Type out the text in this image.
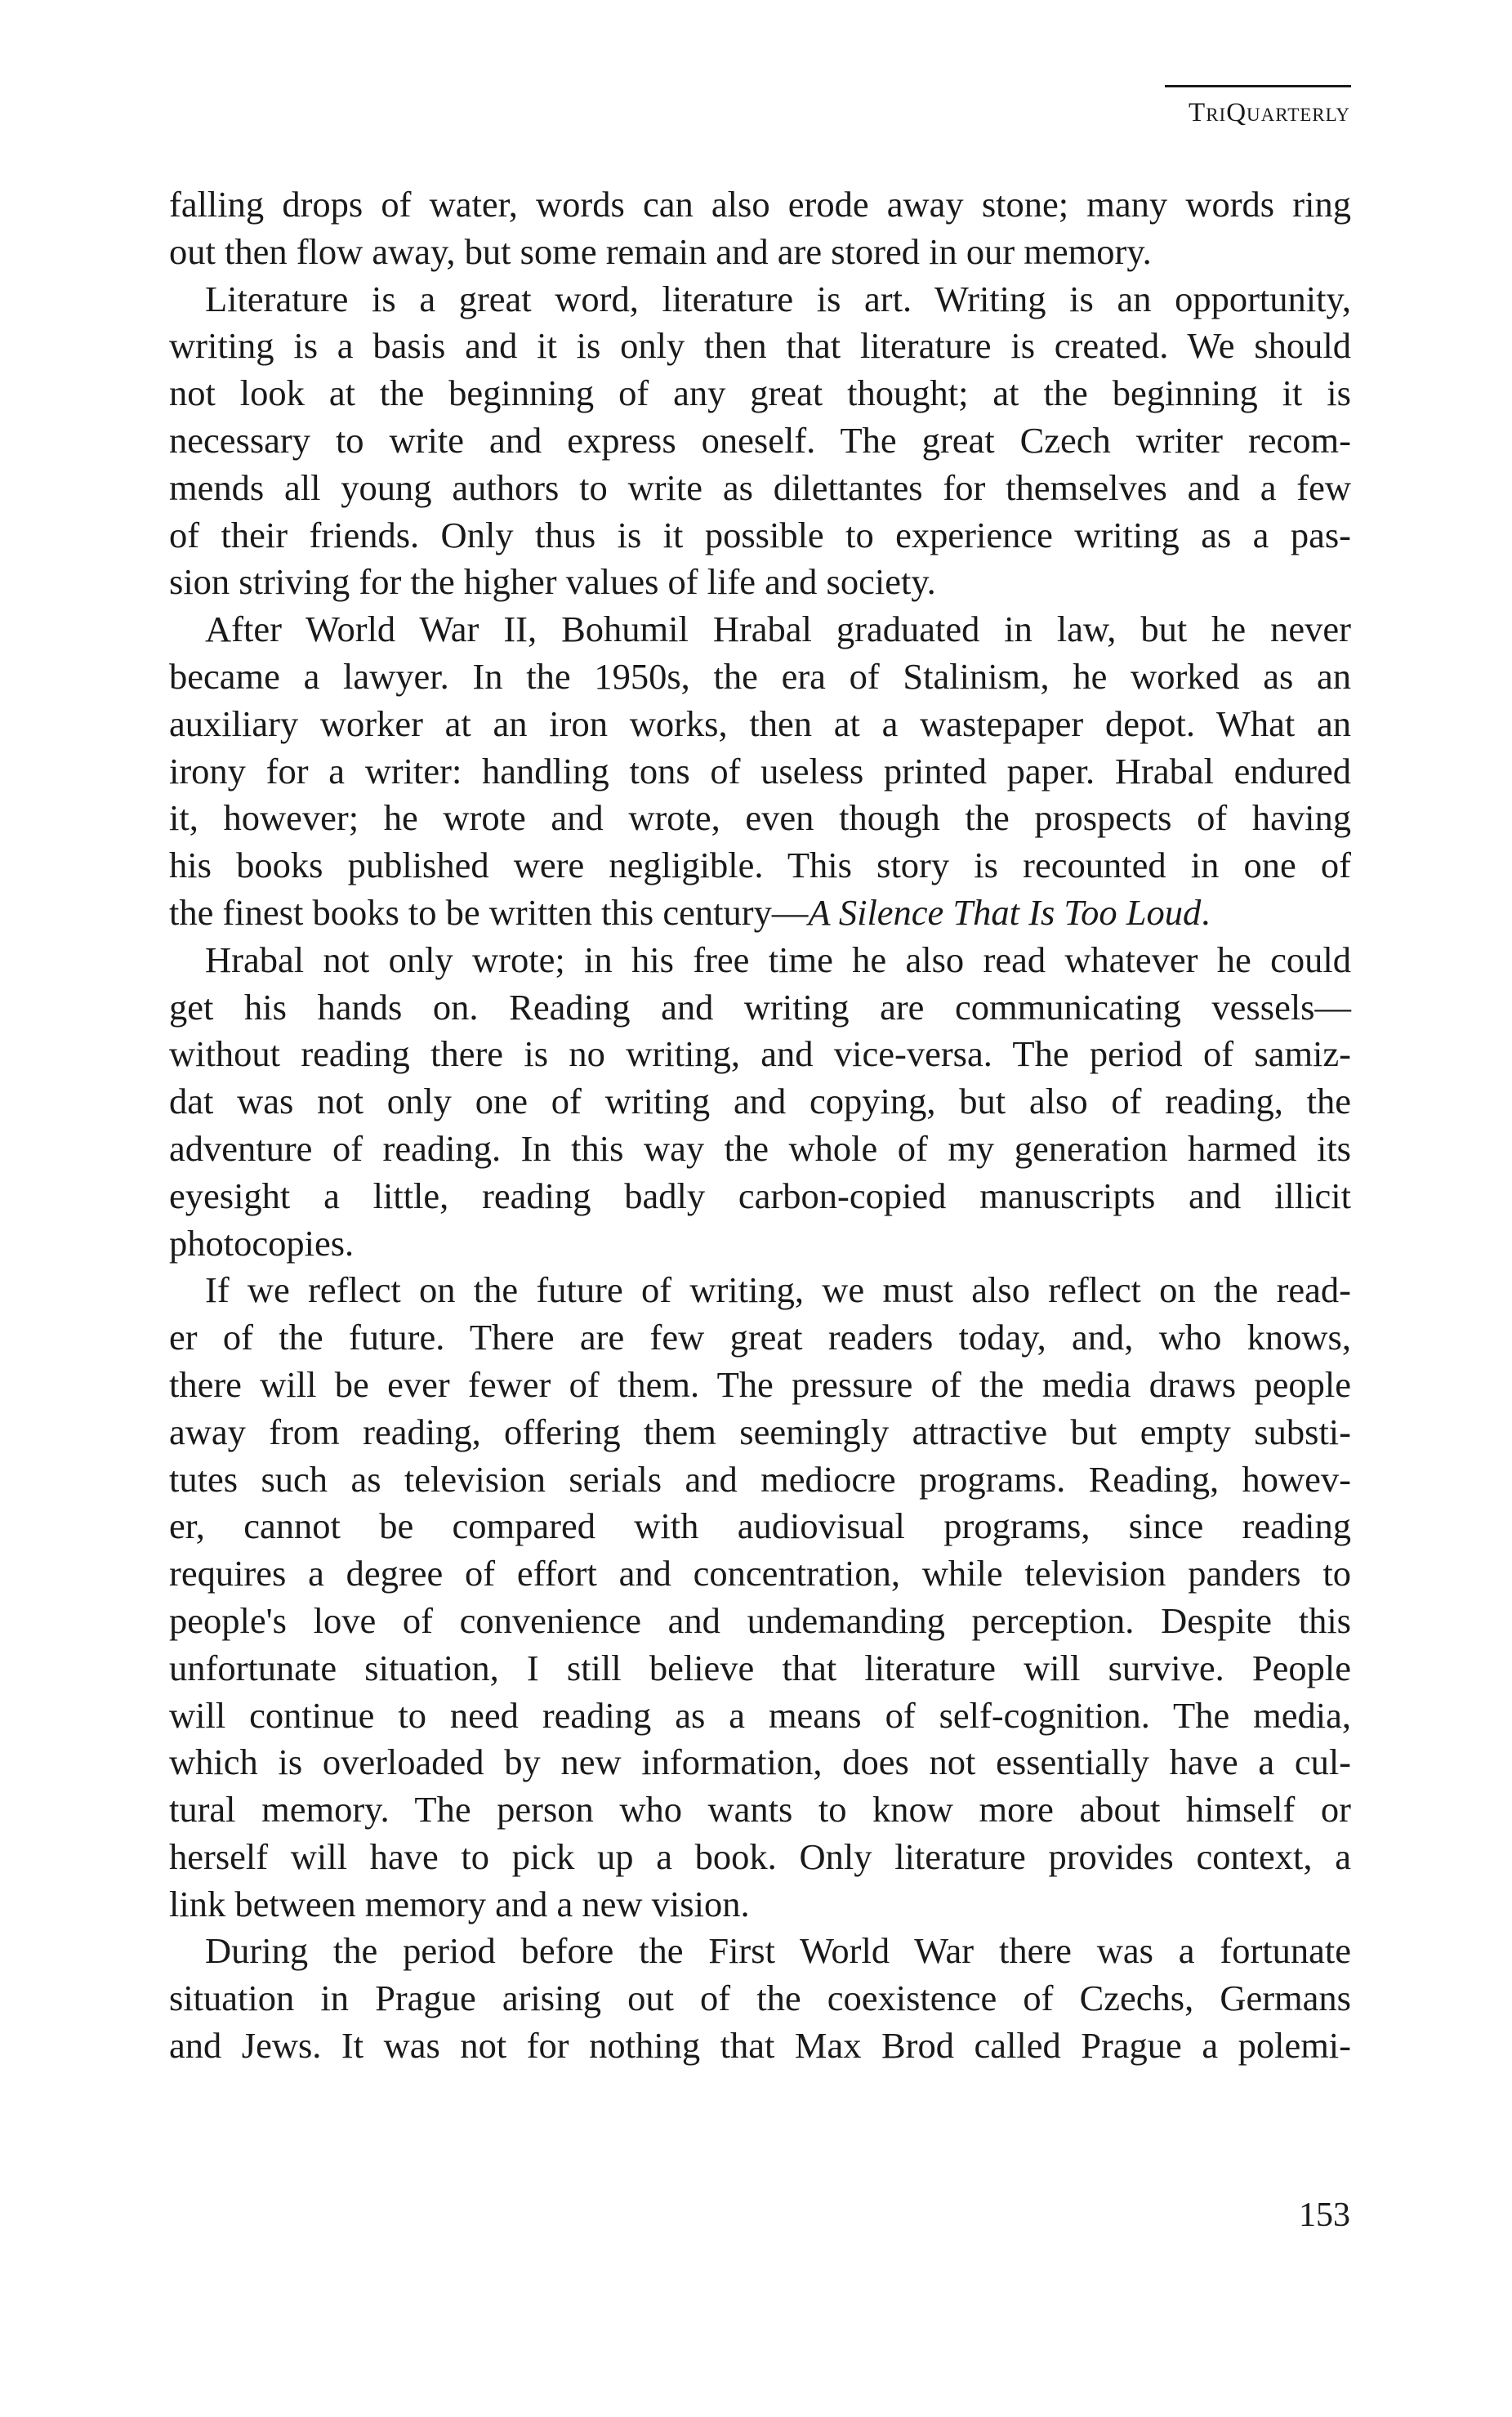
TriQuarterly
falling drops of water, words can also erode away stone; many words ring
out then flow away, but some remain and are stored in our memory.
Literature is a great word, literature is art. Writing is an opportunity,
writing is a basis and it is only then that literature is created. We should
not look at the beginning of any great thought; at the beginning it is
necessary to write and express oneself. The great Czech writer recom-
mends all young authors to write as dilettantes for themselves and a few
of their friends. Only thus is it possible to experience writing as a pas-
sion striving for the higher values of life and society.
After World War II, Bohumil Hrabal graduated in law, but he never
became a lawyer. In the 1950s, the era of Stalinism, he worked as an
auxiliary worker at an iron works, then at a wastepaper depot. What an
irony for a writer: handling tons of useless printed paper. Hrabal endured
it, however; he wrote and wrote, even though the prospects of having
his books published were negligible. This story is recounted in one of
the finest books to be written this century—A Silence That Is Too Loud.
Hrabal not only wrote; in his free time he also read whatever he could
get his hands on. Reading and writing are communicating vessels—
without reading there is no writing, and vice-versa. The period of samiz-
dat was not only one of writing and copying, but also of reading, the
adventure of reading. In this way the whole of my generation harmed its
eyesight a little, reading badly carbon-copied manuscripts and illicit
photocopies.
If we reflect on the future of writing, we must also reflect on the read-
er of the future. There are few great readers today, and, who knows,
there will be ever fewer of them. The pressure of the media draws people
away from reading, offering them seemingly attractive but empty substi-
tutes such as television serials and mediocre programs. Reading, howev-
er, cannot be compared with audiovisual programs, since reading
requires a degree of effort and concentration, while television panders to
people's love of convenience and undemanding perception. Despite this
unfortunate situation, I still believe that literature will survive. People
will continue to need reading as a means of self-cognition. The media,
which is overloaded by new information, does not essentially have a cul-
tural memory. The person who wants to know more about himself or
herself will have to pick up a book. Only literature provides context, a
link between memory and a new vision.
During the period before the First World War there was a fortunate
situation in Prague arising out of the coexistence of Czechs, Germans
and Jews. It was not for nothing that Max Brod called Prague a polemi-
153
